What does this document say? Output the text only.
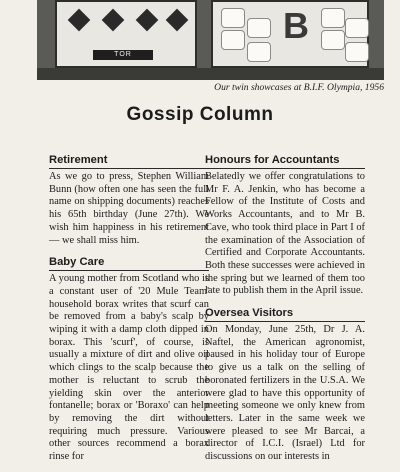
TOR
B
Our twin showcases at B.I.F. Olympia, 1956
Gossip Column
Retirement

As we go to press, Stephen William Bunn (how often one has seen the full name on shipping documents) reaches his 65th birthday (June 27th). We wish him happiness in his retirement — we shall miss him.

Baby Care

A young mother from Scotland who is a constant user of '20 Mule Team' household borax writes that scurf can be removed from a baby's scalp by wiping it with a damp cloth dipped in borax. This 'scurf', of course, is usually a mixture of dirt and olive oil which clings to the scalp because the mother is reluctant to scrub the yielding skin over the anterior fontanelle; borax or 'Boraxo' can help by removing the dirt without requiring much pressure. Various other sources recommend a borax rinse for

Honours for Accountants

Belatedly we offer congratulations to Mr F. A. Jenkin, who has become a Fellow of the Institute of Costs and Works Accountants, and to Mr B. Cave, who took third place in Part I of the examination of the Association of Certified and Corporate Accountants. Both these successes were achieved in the spring but we learned of them too late to publish them in the April issue.

Oversea Visitors

On Monday, June 25th, Dr J. A. Naftel, the American agronomist, paused in his holiday tour of Europe to give us a talk on the selling of boronated fertilizers in the U.S.A. We were glad to have this opportunity of meeting someone we only knew from letters. Later in the same week we were pleased to see Mr Barcai, a director of I.C.I. (Israel) Ltd for discussions on our interests in
